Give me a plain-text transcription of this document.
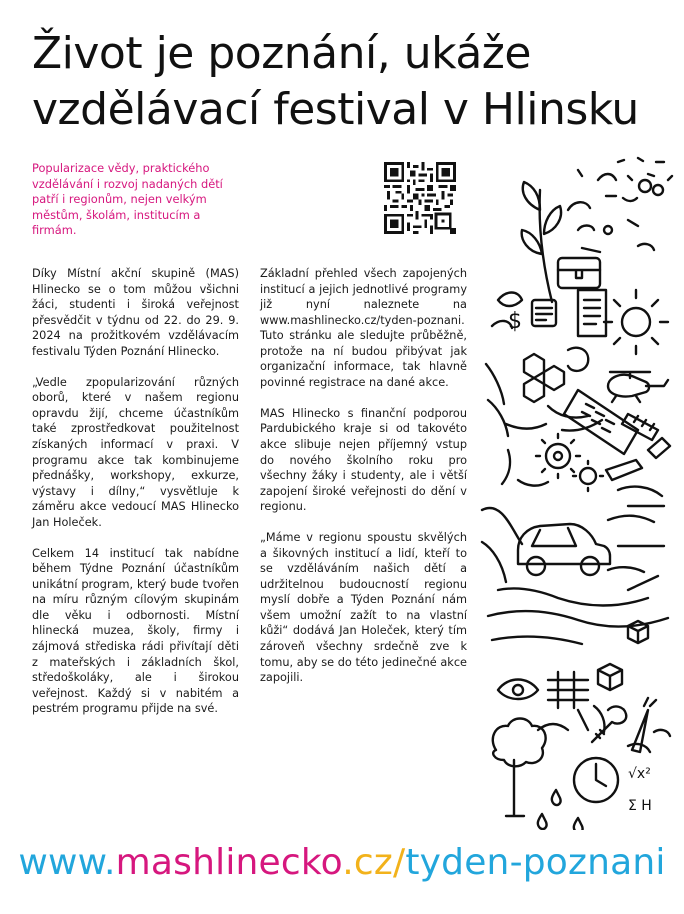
Život je poznání, ukáže
vzdělávací festival v Hlinsku

Popularizace vědy, praktického vzdělávání i rozvoj nadaných dětí patří i regionům, nejen velkým městům, školám, institucím a firmám.

Díky Místní akční skupině (MAS) Hlinecko se o tom můžou všichni žáci, studenti i široká veřejnost přesvědčit v týdnu od 22. do 29. 9. 2024 na prožitkovém vzdělávacím festivalu Týden Poznání Hlinecko.

„Vedle zpopularizování různých oborů, které v našem regionu opravdu žijí, chceme účastníkům také zprostředkovat použitelnost získaných informací v praxi. V programu akce tak kombinujeme přednášky, workshopy, exkurze, výstavy i dílny,“ vysvětluje k záměru akce vedoucí MAS Hlinecko Jan Holeček.

Celkem 14 institucí tak nabídne během Týdne Poznání účastníkům unikátní program, který bude tvořen na míru různým cílovým skupinám dle věku i odbornosti. Místní hlinecká muzea, školy, firmy i zájmová střediska rádi přivítají děti z mateřských i základních škol, středoškoláky, ale i širokou veřejnost. Každý si v nabitém a pestrém programu přijde na své.

Základní přehled všech zapojených institucí a jejich jednotlivé programy již nyní naleznete na www.mashlinecko.cz/tyden-poznani. Tuto stránku ale sledujte průběžně, protože na ní budou přibývat jak organizační informace, tak hlavně povinné registrace na dané akce.

MAS Hlinecko s finanční podporou Pardubického kraje si od takovéto akce slibuje nejen příjemný vstup do nového školního roku pro všechny žáky i studenty, ale i větší zapojení široké veřejnosti do dění v regionu.

„Máme v regionu spoustu skvělých a šikovných institucí a lidí, kteří to se vzděláváním našich dětí a udržitelnou budoucností regionu myslí dobře a Týden Poznání nám všem umožní zažít to na vlastní kůži“ dodává Jan Holeček, který tím zároveň všechny srdečně zve k tomu, aby se do této jedinečné akce zapojili.

$
√x²
Σ H
www.mashlinecko.cz/tyden-poznani
